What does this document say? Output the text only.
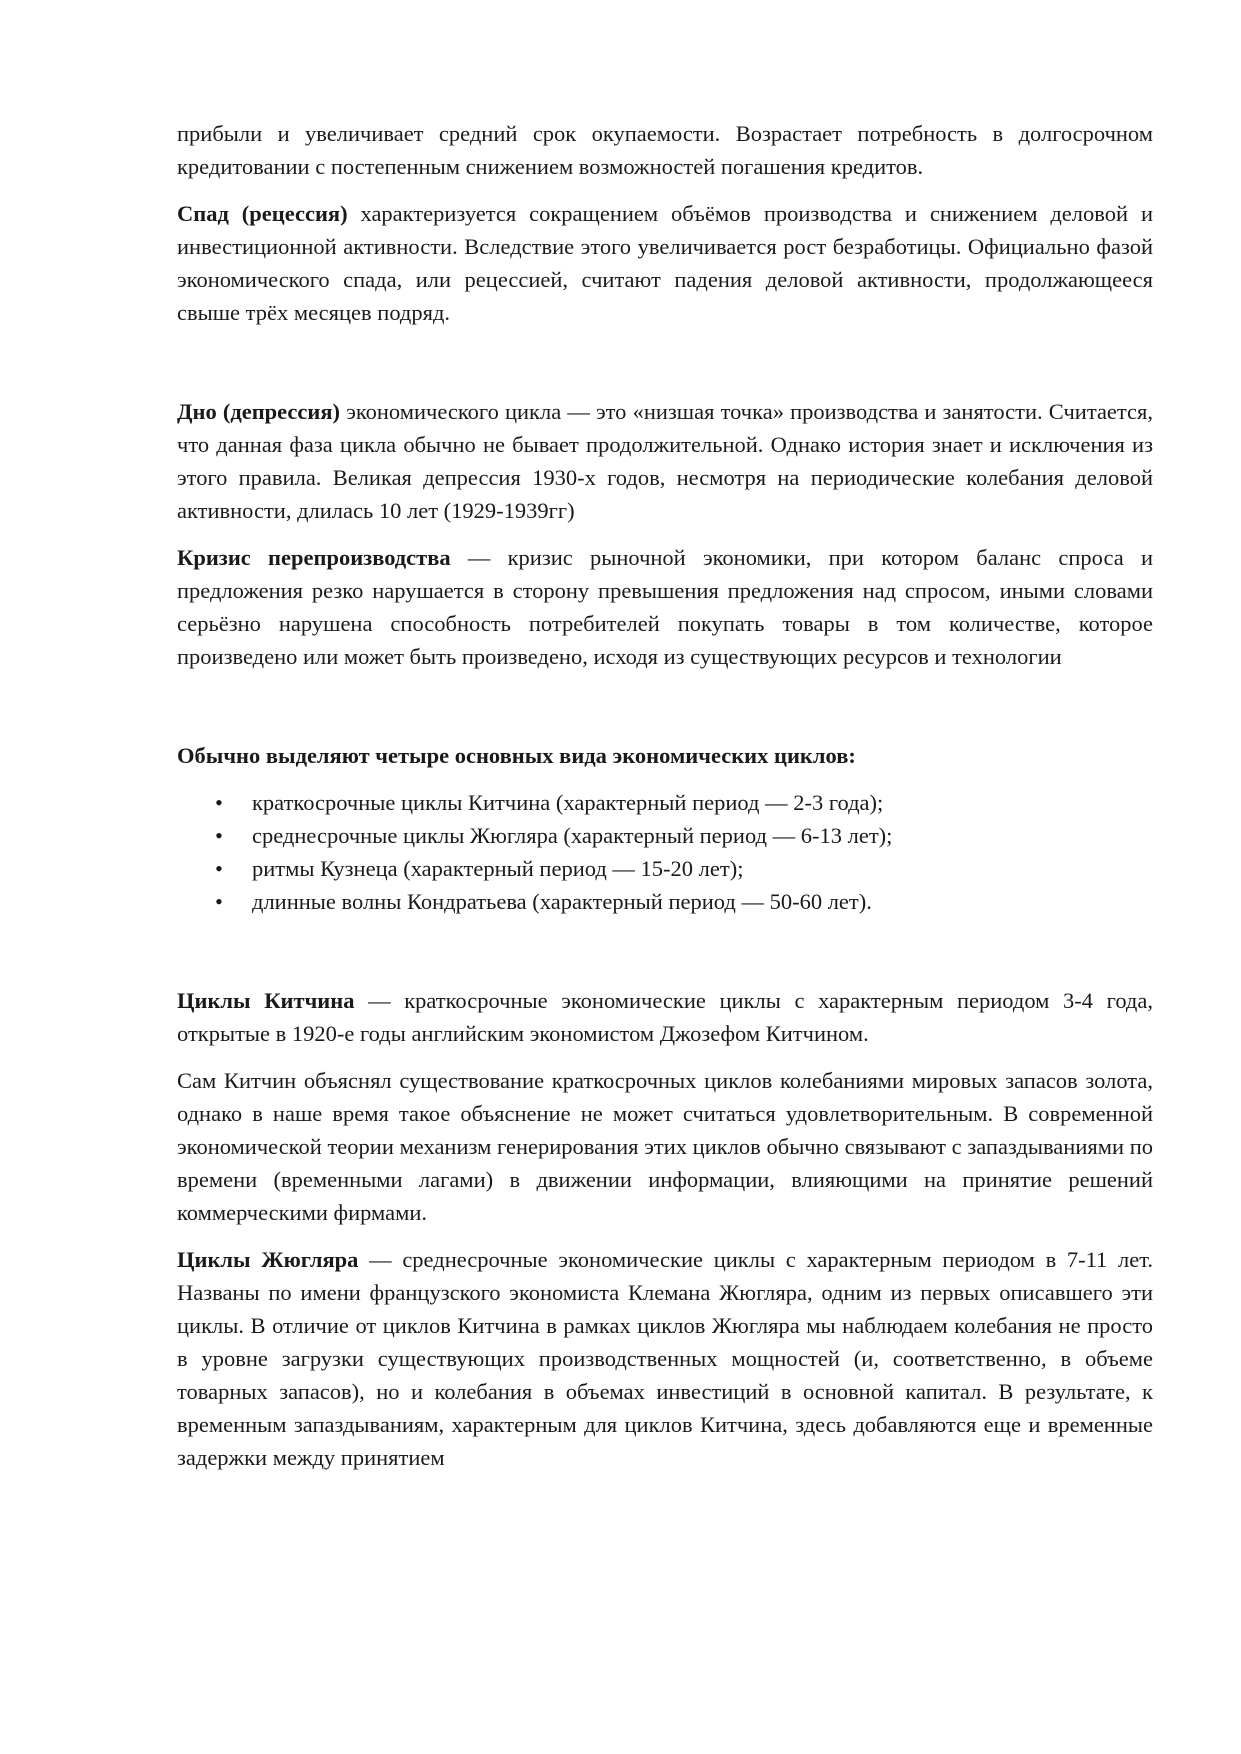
прибыли и увеличивает средний срок окупаемости. Возрастает потребность в долгосрочном кредитовании с постепенным снижением возможностей погашения кредитов.

Спад (рецессия) характеризуется сокращением объёмов производства и снижением деловой и инвестиционной активности. Вследствие этого увеличивается рост безработицы. Официально фазой экономического спада, или рецессией, считают падения деловой активности, продолжающееся свыше трёх месяцев подряд.

Дно (депрессия) экономического цикла — это «низшая точка» производства и занятости. Считается, что данная фаза цикла обычно не бывает продолжительной. Однако история знает и исключения из этого правила. Великая депрессия 1930-х годов, несмотря на периодические колебания деловой активности, длилась 10 лет (1929-1939гг)

Кризис перепроизводства — кризис рыночной экономики, при котором баланс спроса и предложения резко нарушается в сторону превышения предложения над спросом, иными словами серьёзно нарушена способность потребителей покупать товары в том количестве, которое произведено или может быть произведено, исходя из существующих ресурсов и технологии

Обычно выделяют четыре основных вида экономических циклов:

• краткосрочные циклы Китчина (характерный период — 2-3 года);
• среднесрочные циклы Жюгляра (характерный период — 6-13 лет);
• ритмы Кузнеца (характерный период — 15-20 лет);
• длинные волны Кондратьева (характерный период — 50-60 лет).

Циклы Китчина — краткосрочные экономические циклы с характерным периодом 3-4 года, открытые в 1920-е годы английским экономистом Джозефом Китчином.

Сам Китчин объяснял существование краткосрочных циклов колебаниями мировых запасов золота, однако в наше время такое объяснение не может считаться удовлетворительным. В современной экономической теории механизм генерирования этих циклов обычно связывают с запаздываниями по времени (временными лагами) в движении информации, влияющими на принятие решений коммерческими фирмами.

Циклы Жюгляра — среднесрочные экономические циклы с характерным периодом в 7-11 лет. Названы по имени французского экономиста Клемана Жюгляра, одним из первых описавшего эти циклы. В отличие от циклов Китчина в рамках циклов Жюгляра мы наблюдаем колебания не просто в уровне загрузки существующих производственных мощностей (и, соответственно, в объеме товарных запасов), но и колебания в объемах инвестиций в основной капитал. В результате, к временным запаздываниям, характерным для циклов Китчина, здесь добавляются еще и временные задержки между принятием
